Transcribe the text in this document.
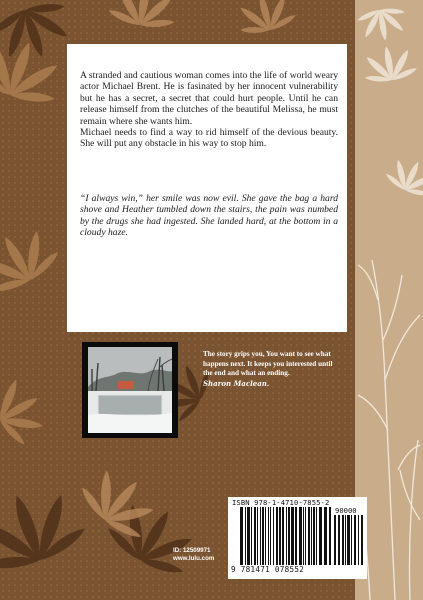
A stranded and cautious woman comes into the life of world weary actor Michael Brent. He is fasinated by her innocent vulnerability but he has a secret, a secret that could hurt people. Until he can release himself from the clutches of the beautiful Melissa, he must remain where she wants him.

Michael needs to find a way to rid himself of the devious beauty. She will put any obstacle in his way to stop him.

“I always win,” her smile was now evil. She gave the bag a hard shove and Heather tumbled down the stairs, the pain was numbed by the drugs she had ingested. She landed hard, at the bottom in a cloudy haze.
The story grips you, You want to see what happens next. It keeps you interested until the end and what an ending.
Sharon Maclean.
ISBN 978-1-4710-7855-2
90000
9 781471 078552
ID: 12509971
www.lulu.com
